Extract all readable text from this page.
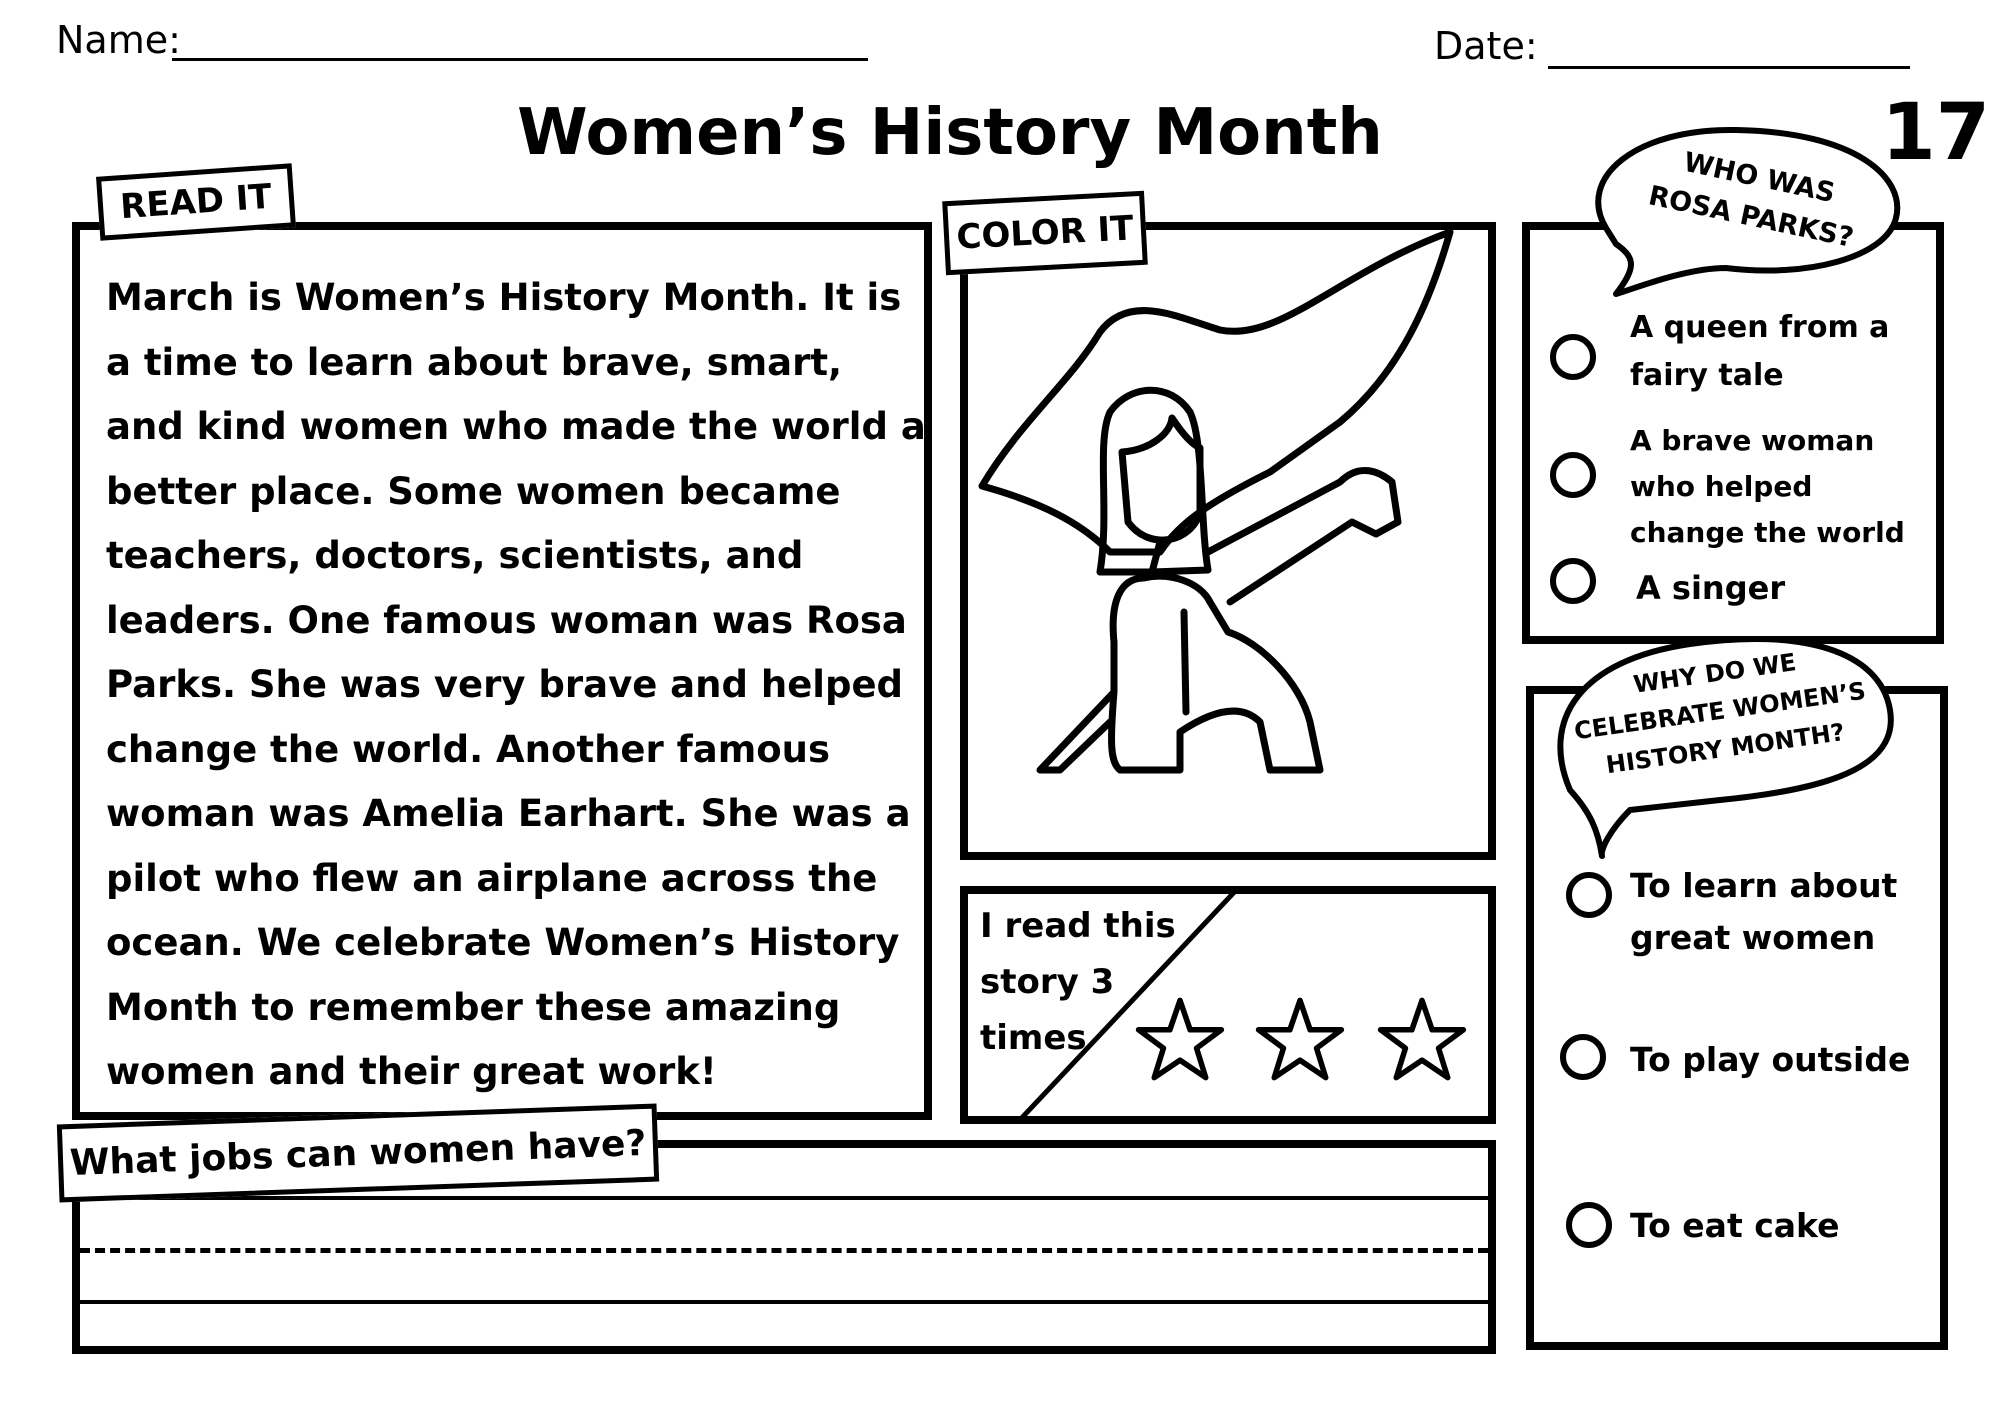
Name:	Date:
Women’s History Month	17
READ IT
March is Women’s History Month. It is a time to learn about brave, smart, and kind women who made the world a better place. Some women became teachers, doctors, scientists, and leaders. One famous woman was Rosa Parks. She was very brave and helped change the world. Another famous woman was Amelia Earhart. She was a pilot who flew an airplane across the ocean. We celebrate Women’s History Month to remember these amazing women and their great work!
COLOR IT
I read this story 3 times
What jobs can women have?
WHO WAS ROSA PARKS?
A queen from a fairy tale
A brave woman who helped change the world
A singer
WHY DO WE CELEBRATE WOMEN’S HISTORY MONTH?
To learn about great women
To play outside
To eat cake
